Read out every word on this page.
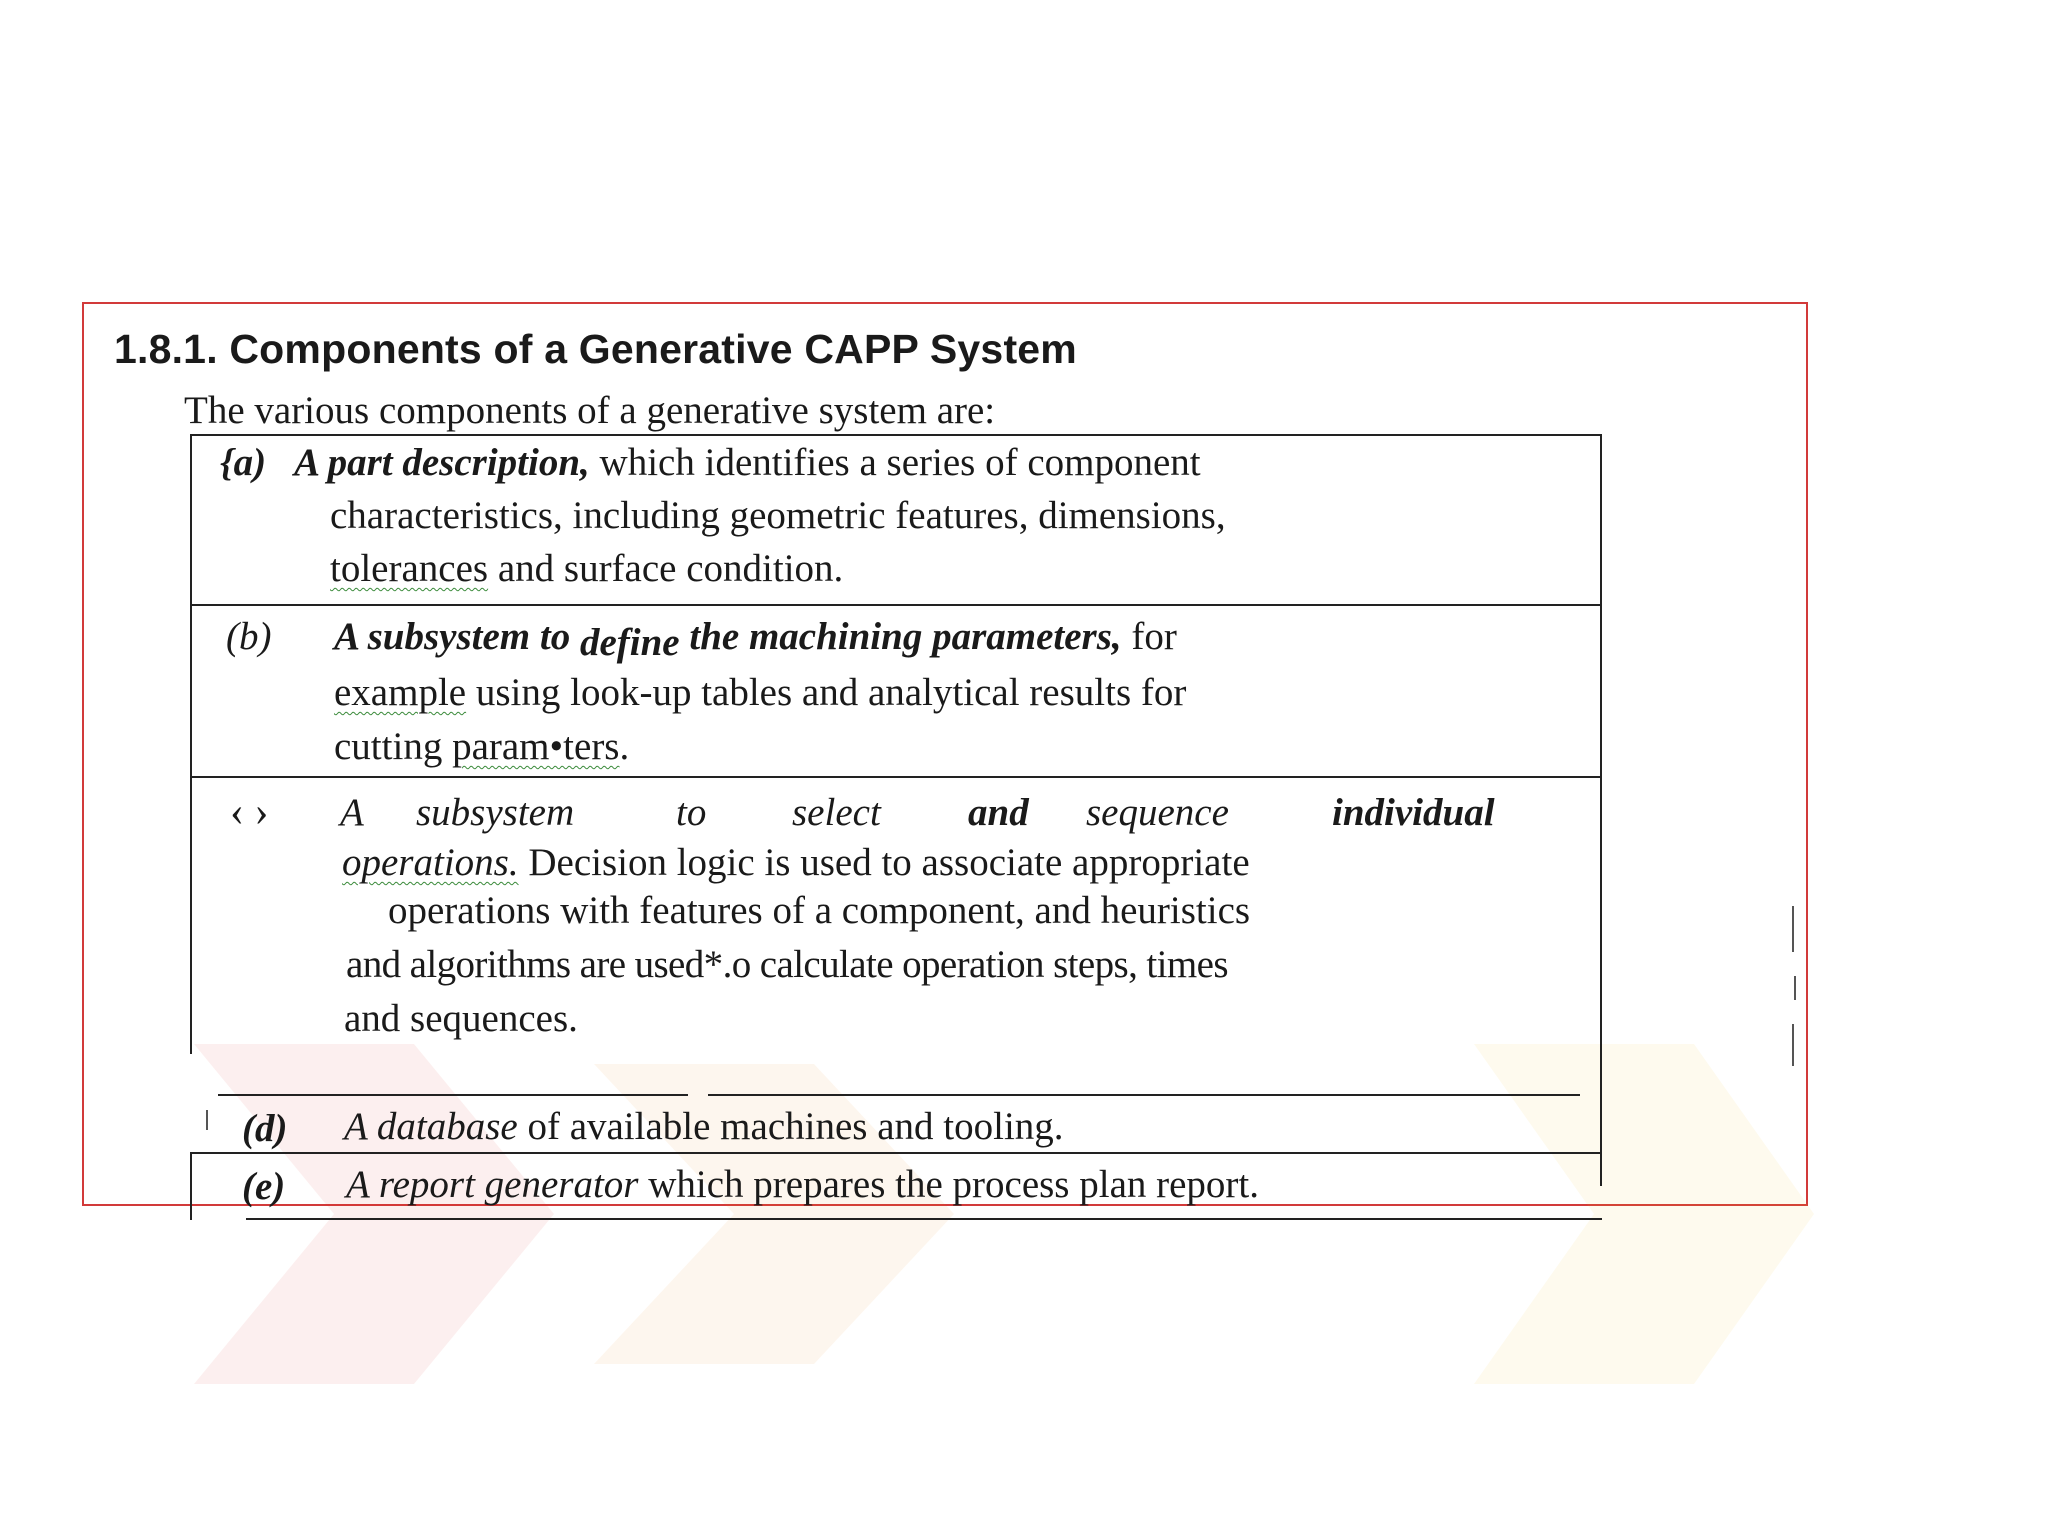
1.8.1. Components of a Generative CAPP System

The various components of a generative system are:

{a) A part description, which identifies a series of component
characteristics, including geometric features, dimensions,
tolerances and surface condition.
(b) A subsystem to define the machining parameters, for
example using look-up tables and analytical results for
cutting param•ters.
‹ › A subsystem	to select and sequence	individual
operations. Decision logic is used to associate appropriate
operations with features of a component, and heuristics
and algorithms are used*.o calculate operation steps, times
and sequences.
(d) A database of available machines and tooling.
(e) A report generator which prepares the process plan report.
